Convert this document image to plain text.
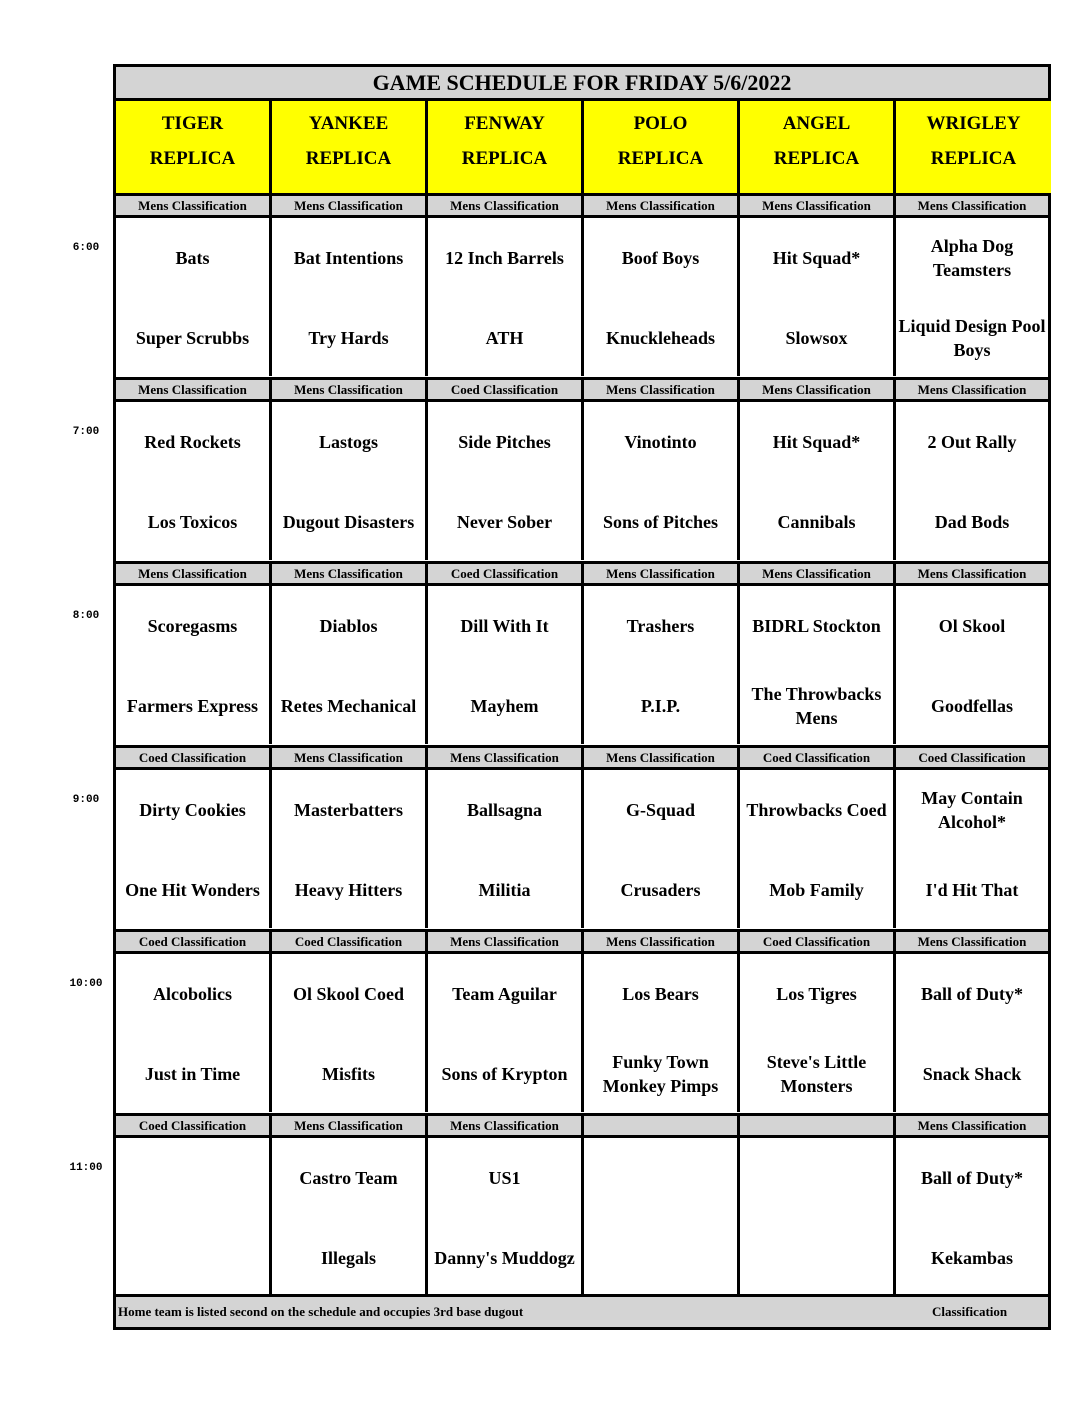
GAME SCHEDULE FOR FRIDAY 5/6/2022
TIGER
REPLICA
YANKEE
REPLICA
FENWAY
REPLICA
POLO
REPLICA
ANGEL
REPLICA
WRIGLEY
REPLICA
Mens Classification
Bats
Super Scrubbs
Mens Classification
Bat Intentions
Try Hards
Mens Classification
12 Inch Barrels
ATH
Mens Classification
Boof Boys
Knuckleheads
Mens Classification
Hit Squad*
Slowsox
Mens Classification
Alpha Dog Teamsters
Liquid Design Pool Boys
Mens Classification
Red Rockets
Los Toxicos
Mens Classification
Lastogs
Dugout Disasters
Coed Classification
Side Pitches
Never Sober
Mens Classification
Vinotinto
Sons of Pitches
Mens Classification
Hit Squad*
Cannibals
Mens Classification
2 Out Rally
Dad Bods
Mens Classification
Scoregasms
Farmers Express
Mens Classification
Diablos
Retes Mechanical
Coed Classification
Dill With It
Mayhem
Mens Classification
Trashers
P.I.P.
Mens Classification
BIDRL Stockton
The Throwbacks Mens
Mens Classification
Ol Skool
Goodfellas
Coed Classification
Dirty Cookies
One Hit Wonders
Mens Classification
Masterbatters
Heavy Hitters
Mens Classification
Ballsagna
Militia
Mens Classification
G-Squad
Crusaders
Coed Classification
Throwbacks Coed
Mob Family
Coed Classification
May Contain Alcohol*
I'd Hit That
Coed Classification
Alcobolics
Just in Time
Coed Classification
Ol Skool Coed
Misfits
Mens Classification
Team Aguilar
Sons of Krypton
Mens Classification
Los Bears
Funky Town Monkey Pimps
Coed Classification
Los Tigres
Steve's Little Monsters
Mens Classification
Ball of Duty*
Snack Shack
Coed Classification	Mens Classification
Castro Team
Illegals
Mens Classification
US1
Danny's Muddogz
Mens Classification
Ball of Duty*
Kekambas
Home team is listed second on the schedule and occupies 3rd base dugout	Classification
6:00
7:00
8:00
9:00
10:00
11:00
